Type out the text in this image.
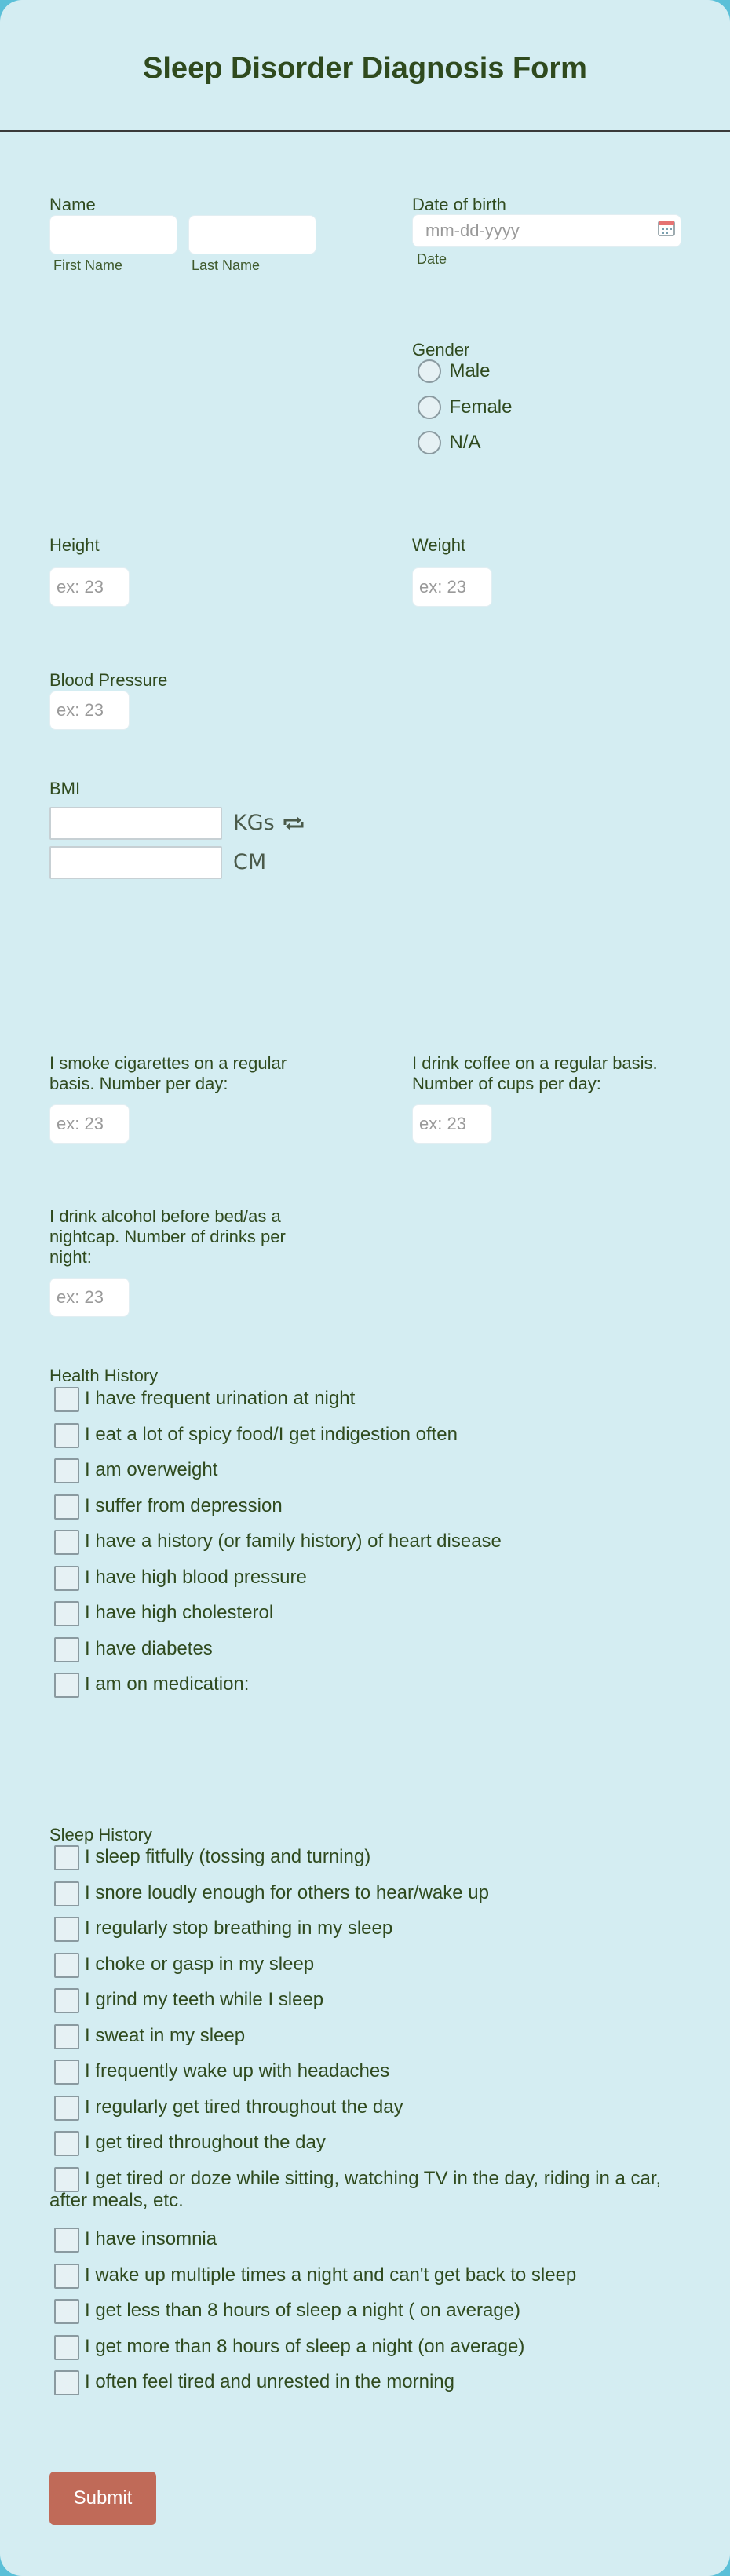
Sleep Disorder Diagnosis Form
Name
First Name	Last Name
Date of birth
mm-dd-yyyy
Date
Gender
Male
Female
N/A
Height
ex: 23	Weight
ex: 23
Blood Pressure
ex: 23
BMI
KGs
CM
I smoke cigarettes on a regular
basis. Number per day:
ex: 23
I drink coffee on a regular basis.
Number of cups per day:
ex: 23
I drink alcohol before bed/as a
nightcap. Number of drinks per
night:
ex: 23
Health History
I have frequent urination at night
I eat a lot of spicy food/I get indigestion often
I am overweight
I suffer from depression
I have a history (or family history) of heart disease
I have high blood pressure
I have high cholesterol
I have diabetes
I am on medication:
Sleep History
I sleep fitfully (tossing and turning)
I snore loudly enough for others to hear/wake up
I regularly stop breathing in my sleep
I choke or gasp in my sleep
I grind my teeth while I sleep
I sweat in my sleep
I frequently wake up with headaches
I regularly get tired throughout the day
I get tired throughout the day
I get tired or doze while sitting, watching TV in the day, riding in a car,
after meals, etc.
I have insomnia
I wake up multiple times a night and can't get back to sleep
I get less than 8 hours of sleep a night ( on average)
I get more than 8 hours of sleep a night (on average)
I often feel tired and unrested in the morning
Submit
